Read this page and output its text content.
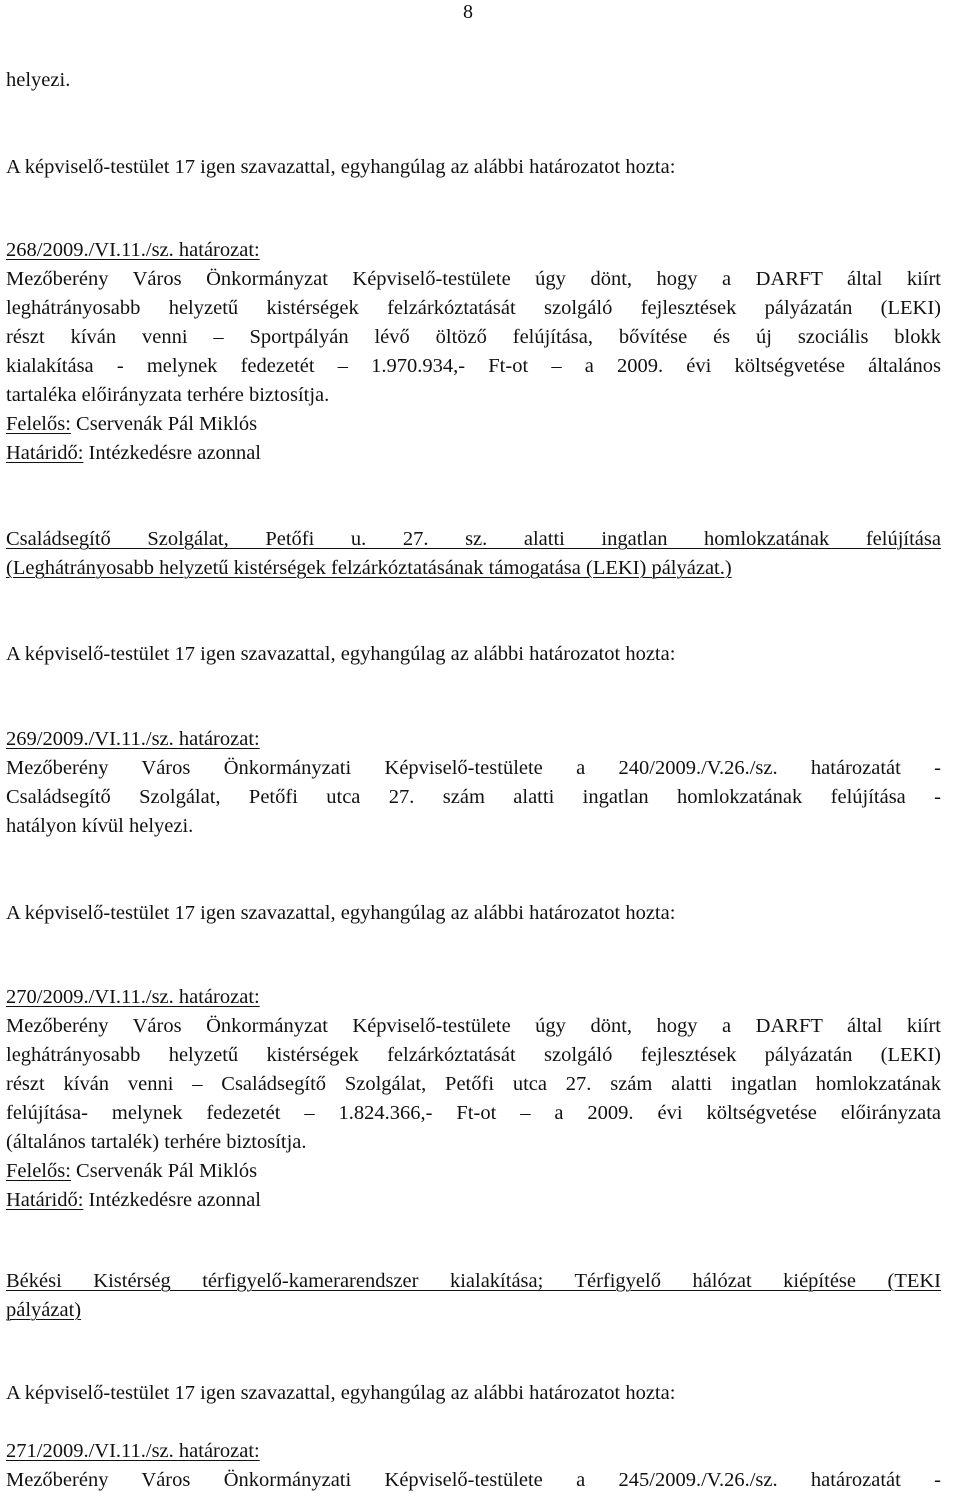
8
helyezi.
A képviselő-testület 17 igen szavazattal, egyhangúlag az alábbi határozatot hozta:
268/2009./VI.11./sz. határozat:
Mezőberény Város Önkormányzat Képviselő-testülete úgy dönt, hogy a DARFT által kiírt
leghátrányosabb helyzetű kistérségek felzárkóztatását szolgáló fejlesztések pályázatán (LEKI)
részt kíván venni – Sportpályán lévő öltöző felújítása, bővítése és új szociális blokk
kialakítása - melynek fedezetét – 1.970.934,- Ft-ot – a 2009. évi költségvetése általános
tartaléka előirányzata terhére biztosítja.
Felelős: Cservenák Pál Miklós
Határidő: Intézkedésre azonnal
Családsegítő Szolgálat, Petőfi u. 27. sz. alatti ingatlan homlokzatának felújítása
(Leghátrányosabb helyzetű kistérségek felzárkóztatásának támogatása (LEKI) pályázat.)
A képviselő-testület 17 igen szavazattal, egyhangúlag az alábbi határozatot hozta:
269/2009./VI.11./sz. határozat:
Mezőberény Város Önkormányzati Képviselő-testülete a 240/2009./V.26./sz. határozatát -
Családsegítő Szolgálat, Petőfi utca 27. szám alatti ingatlan homlokzatának felújítása -
hatályon kívül helyezi.
A képviselő-testület 17 igen szavazattal, egyhangúlag az alábbi határozatot hozta:
270/2009./VI.11./sz. határozat:
Mezőberény Város Önkormányzat Képviselő-testülete úgy dönt, hogy a DARFT által kiírt
leghátrányosabb helyzetű kistérségek felzárkóztatását szolgáló fejlesztések pályázatán (LEKI)
részt kíván venni – Családsegítő Szolgálat, Petőfi utca 27. szám alatti ingatlan homlokzatának
felújítása- melynek fedezetét – 1.824.366,- Ft-ot – a 2009. évi költségvetése előirányzata
(általános tartalék) terhére biztosítja.
Felelős: Cservenák Pál Miklós
Határidő: Intézkedésre azonnal
Békési Kistérség térfigyelő-kamerarendszer kialakítása; Térfigyelő hálózat kiépítése (TEKI
pályázat)
A képviselő-testület 17 igen szavazattal, egyhangúlag az alábbi határozatot hozta:
271/2009./VI.11./sz. határozat:
Mezőberény Város Önkormányzati Képviselő-testülete a 245/2009./V.26./sz. határozatát -
